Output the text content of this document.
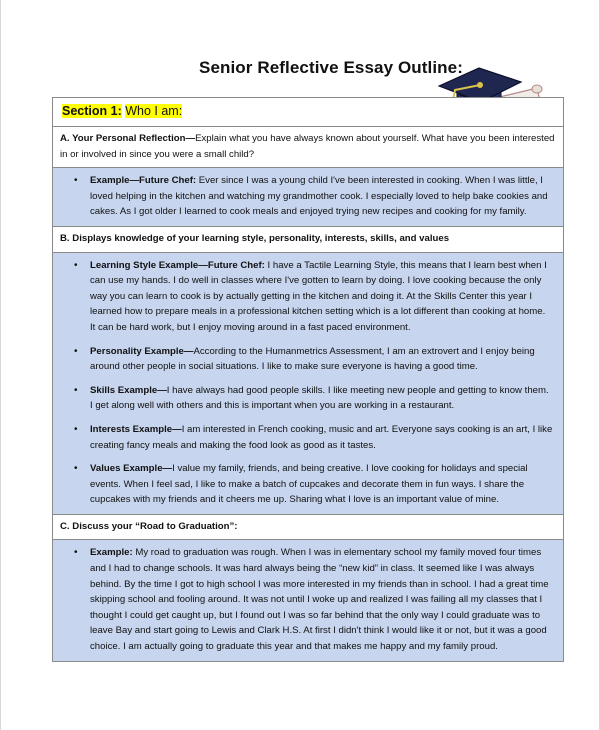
Senior Reflective Essay Outline:
Section 1: Who I am:
A. Your Personal Reflection—Explain what you have always known about yourself. What have you been interested in or involved in since you were a small child?
• Example—Future Chef: Ever since I was a young child I've been interested in cooking. When I was little, I loved helping in the kitchen and watching my grandmother cook. I especially loved to help bake cookies and cakes. As I got older I learned to cook meals and enjoyed trying new recipes and cooking for my family.
B. Displays knowledge of your learning style, personality, interests, skills, and values
• Learning Style Example—Future Chef: I have a Tactile Learning Style, this means that I learn best when I can use my hands. I do well in classes where I've gotten to learn by doing. I love cooking because the only way you can learn to cook is by actually getting in the kitchen and doing it. At the Skills Center this year I learned how to prepare meals in a professional kitchen setting which is a lot different than cooking at home. It can be hard work, but I enjoy moving around in a fast paced environment.
• Personality Example—According to the Humanmetrics Assessment, I am an extrovert and I enjoy being around other people in social situations. I like to make sure everyone is having a good time.
• Skills Example—I have always had good people skills. I like meeting new people and getting to know them. I get along well with others and this is important when you are working in a restaurant.
• Interests Example—I am interested in French cooking, music and art. Everyone says cooking is an art, I like creating fancy meals and making the food look as good as it tastes.
• Values Example—I value my family, friends, and being creative. I love cooking for holidays and special events. When I feel sad, I like to make a batch of cupcakes and decorate them in fun ways. I share the cupcakes with my friends and it cheers me up. Sharing what I love is an important value of mine.
C. Discuss your “Road to Graduation”:
• Example: My road to graduation was rough. When I was in elementary school my family moved four times and I had to change schools. It was hard always being the “new kid” in class. It seemed like I was always behind. By the time I got to high school I was more interested in my friends than in school. I had a great time skipping school and fooling around. It was not until I woke up and realized I was failing all my classes that I thought I could get caught up, but I found out I was so far behind that the only way I could graduate was to leave Bay and start going to Lewis and Clark H.S. At first I didn't think I would like it or not, but it was a good choice. I am actually going to graduate this year and that makes me happy and my family proud.
